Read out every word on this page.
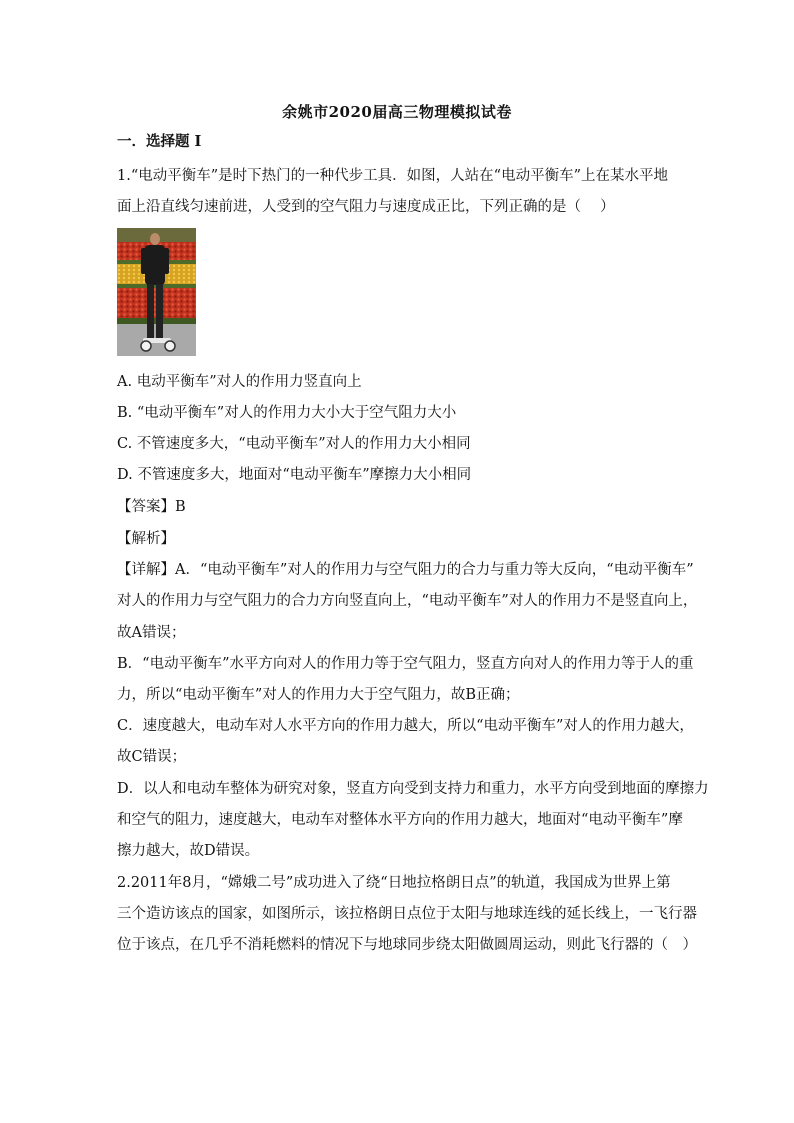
余姚市2020届高三物理模拟试卷
一．选择题 I
1.“电动平衡车”是时下热门的一种代步工具．如图，人站在“电动平衡车”上在某水平地
面上沿直线匀速前进，人受到的空气阻力与速度成正比，下列正确的是（　 ）
A. 电动平衡车”对人的作用力竖直向上
B. “电动平衡车”对人的作用力大小大于空气阻力大小
C. 不管速度多大，“电动平衡车”对人的作用力大小相同
D. 不管速度多大，地面对“电动平衡车”摩擦力大小相同
【答案】B
【解析】
【详解】A．“电动平衡车”对人的作用力与空气阻力的合力与重力等大反向，“电动平衡车”
对人的作用力与空气阻力的合力方向竖直向上，“电动平衡车”对人的作用力不是竖直向上，
故A错误；
B．“电动平衡车”水平方向对人的作用力等于空气阻力，竖直方向对人的作用力等于人的重
力，所以“电动平衡车”对人的作用力大于空气阻力，故B正确；
C．速度越大，电动车对人水平方向的作用力越大，所以“电动平衡车”对人的作用力越大，
故C错误；
D．以人和电动车整体为研究对象，竖直方向受到支持力和重力，水平方向受到地面的摩擦力
和空气的阻力，速度越大，电动车对整体水平方向的作用力越大，地面对“电动平衡车”摩
擦力越大，故D错误。
2.2011年8月，“嫦娥二号”成功进入了绕“日地拉格朗日点”的轨道，我国成为世界上第
三个造访该点的国家，如图所示，该拉格朗日点位于太阳与地球连线的延长线上，一飞行器
位于该点，在几乎不消耗燃料的情况下与地球同步绕太阳做圆周运动，则此飞行器的（　）
